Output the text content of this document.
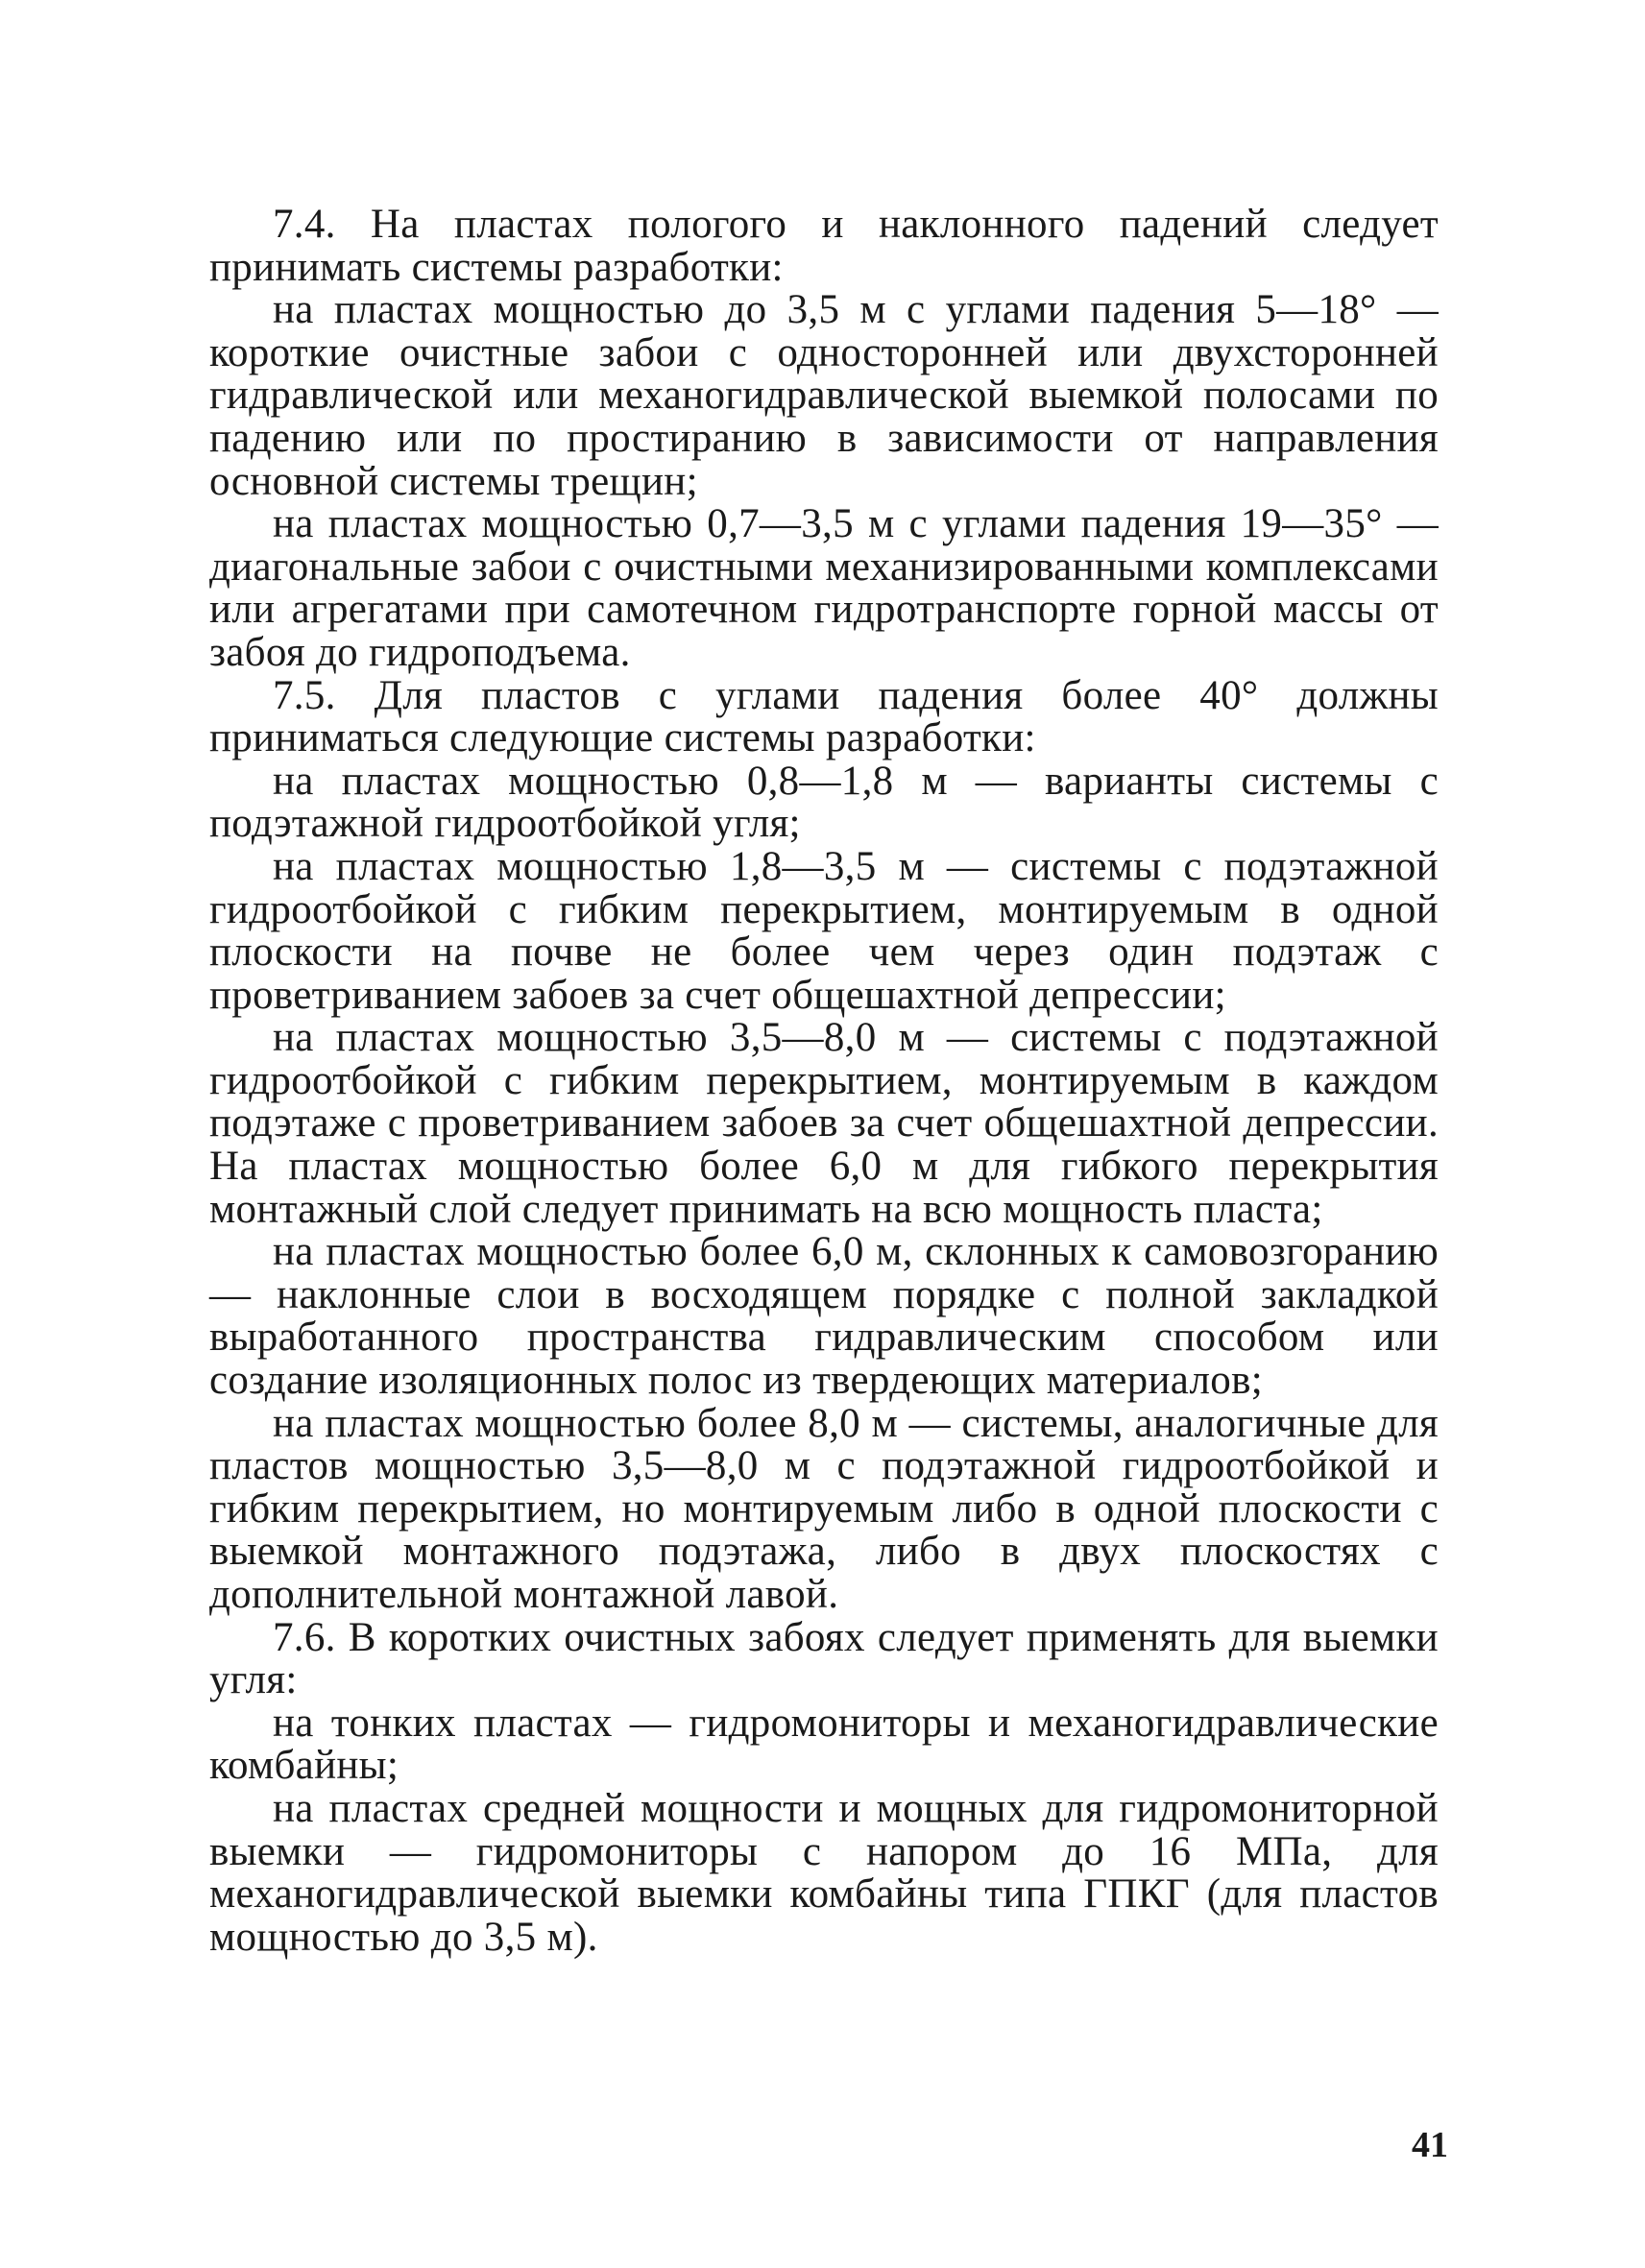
7.4. На пластах пологого и наклонного падений следует принимать системы разработки:

на пластах мощностью до 3,5 м с углами падения 5—18° — короткие очистные забои с односторонней или двухсторонней гидравлической или механогидравлической выемкой полосами по падению или по простиранию в зависимости от направления основной системы трещин;

на пластах мощностью 0,7—3,5 м с углами падения 19—35° — диагональные забои с очистными механизированными комплексами или агрегатами при самотечном гидротранспорте горной массы от забоя до гидроподъема.

7.5. Для пластов с углами падения более 40° должны приниматься следующие системы разработки:

на пластах мощностью 0,8—1,8 м — варианты системы с подэтажной гидроотбойкой угля;

на пластах мощностью 1,8—3,5 м — системы с подэтажной гидроотбойкой с гибким перекрытием, монтируемым в одной плоскости на почве не более чем через один подэтаж с проветриванием забоев за счет общешахтной депрессии;

на пластах мощностью 3,5—8,0 м — системы с подэтажной гидроотбойкой с гибким перекрытием, монтируемым в каждом подэтаже с проветриванием забоев за счет общешахтной депрессии. На пластах мощностью более 6,0 м для гибкого перекрытия монтажный слой следует принимать на всю мощность пласта;

на пластах мощностью более 6,0 м, склонных к самовозгоранию — наклонные слои в восходящем порядке с полной закладкой выработанного пространства гидравлическим способом или создание изоляционных полос из твердеющих материалов;

на пластах мощностью более 8,0 м — системы, аналогичные для пластов мощностью 3,5—8,0 м с подэтажной гидроотбойкой и гибким перекрытием, но монтируемым либо в одной плоскости с выемкой монтажного подэтажа, либо в двух плоскостях с дополнительной монтажной лавой.

7.6. В коротких очистных забоях следует применять для выемки угля:

на тонких пластах — гидромониторы и механогидравлические комбайны;

на пластах средней мощности и мощных для гидромониторной выемки — гидромониторы с напором до 16 МПа, для механогидравлической выемки комбайны типа ГПКГ (для пластов мощностью до 3,5 м).

41
